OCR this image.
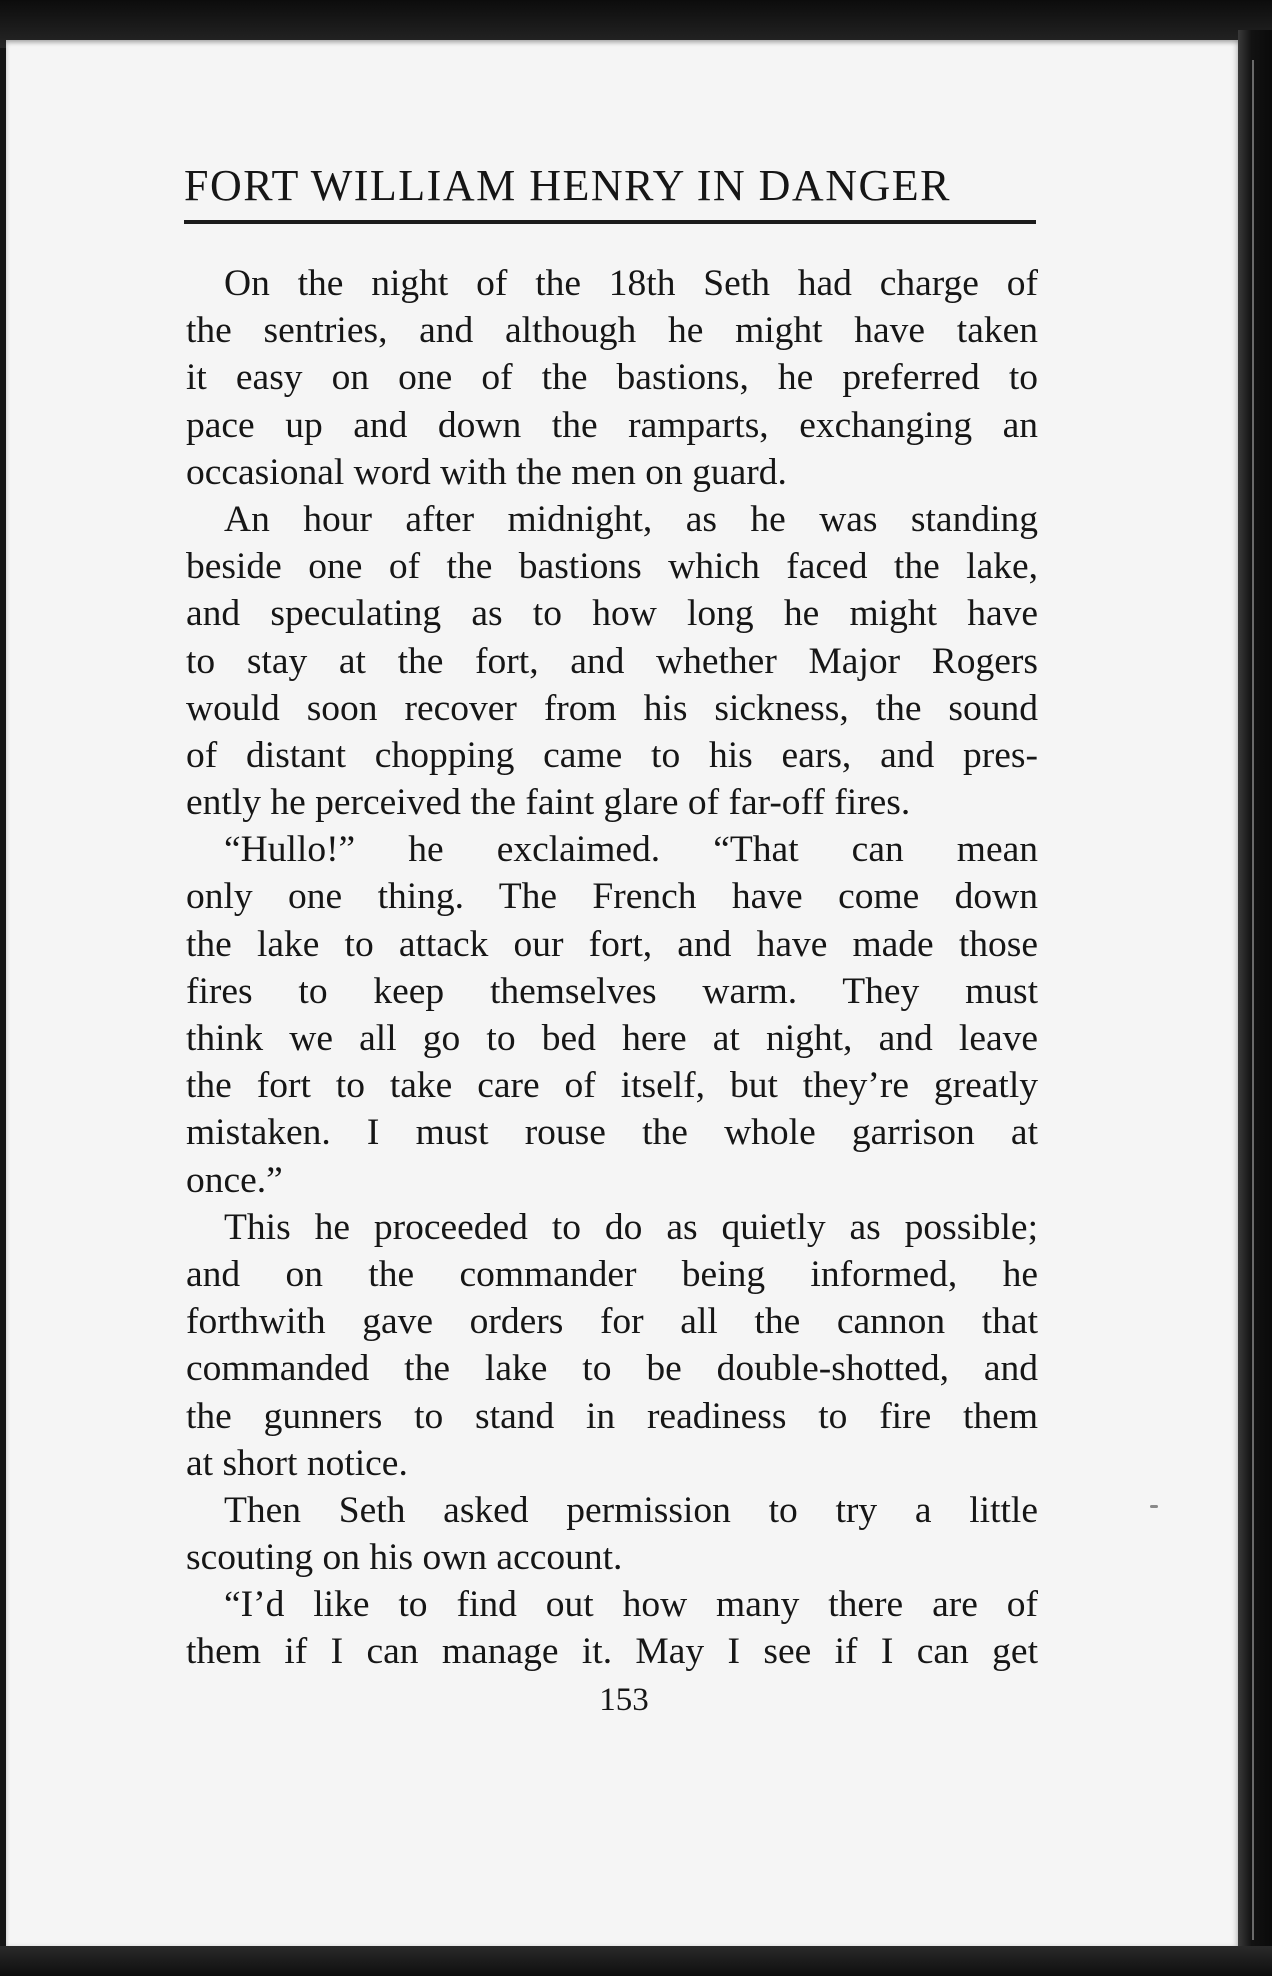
FORT WILLIAM HENRY IN DANGER
On the night of the 18th Seth had charge of
the sentries, and although he might have taken
it easy on one of the bastions, he preferred to
pace up and down the ramparts, exchanging an
occasional word with the men on guard.
An hour after midnight, as he was standing
beside one of the bastions which faced the lake,
and speculating as to how long he might have
to stay at the fort, and whether Major Rogers
would soon recover from his sickness, the sound
of distant chopping came to his ears, and pres-
ently he perceived the faint glare of far-off fires.
“Hullo!” he exclaimed. “That can mean
only one thing. The French have come down
the lake to attack our fort, and have made those
fires to keep themselves warm. They must
think we all go to bed here at night, and leave
the fort to take care of itself, but they’re greatly
mistaken. I must rouse the whole garrison at
once.”
This he proceeded to do as quietly as possible;
and on the commander being informed, he
forthwith gave orders for all the cannon that
commanded the lake to be double-shotted, and
the gunners to stand in readiness to fire them
at short notice.
Then Seth asked permission to try a little
scouting on his own account.
“I’d like to find out how many there are of
them if I can manage it. May I see if I can get
153
